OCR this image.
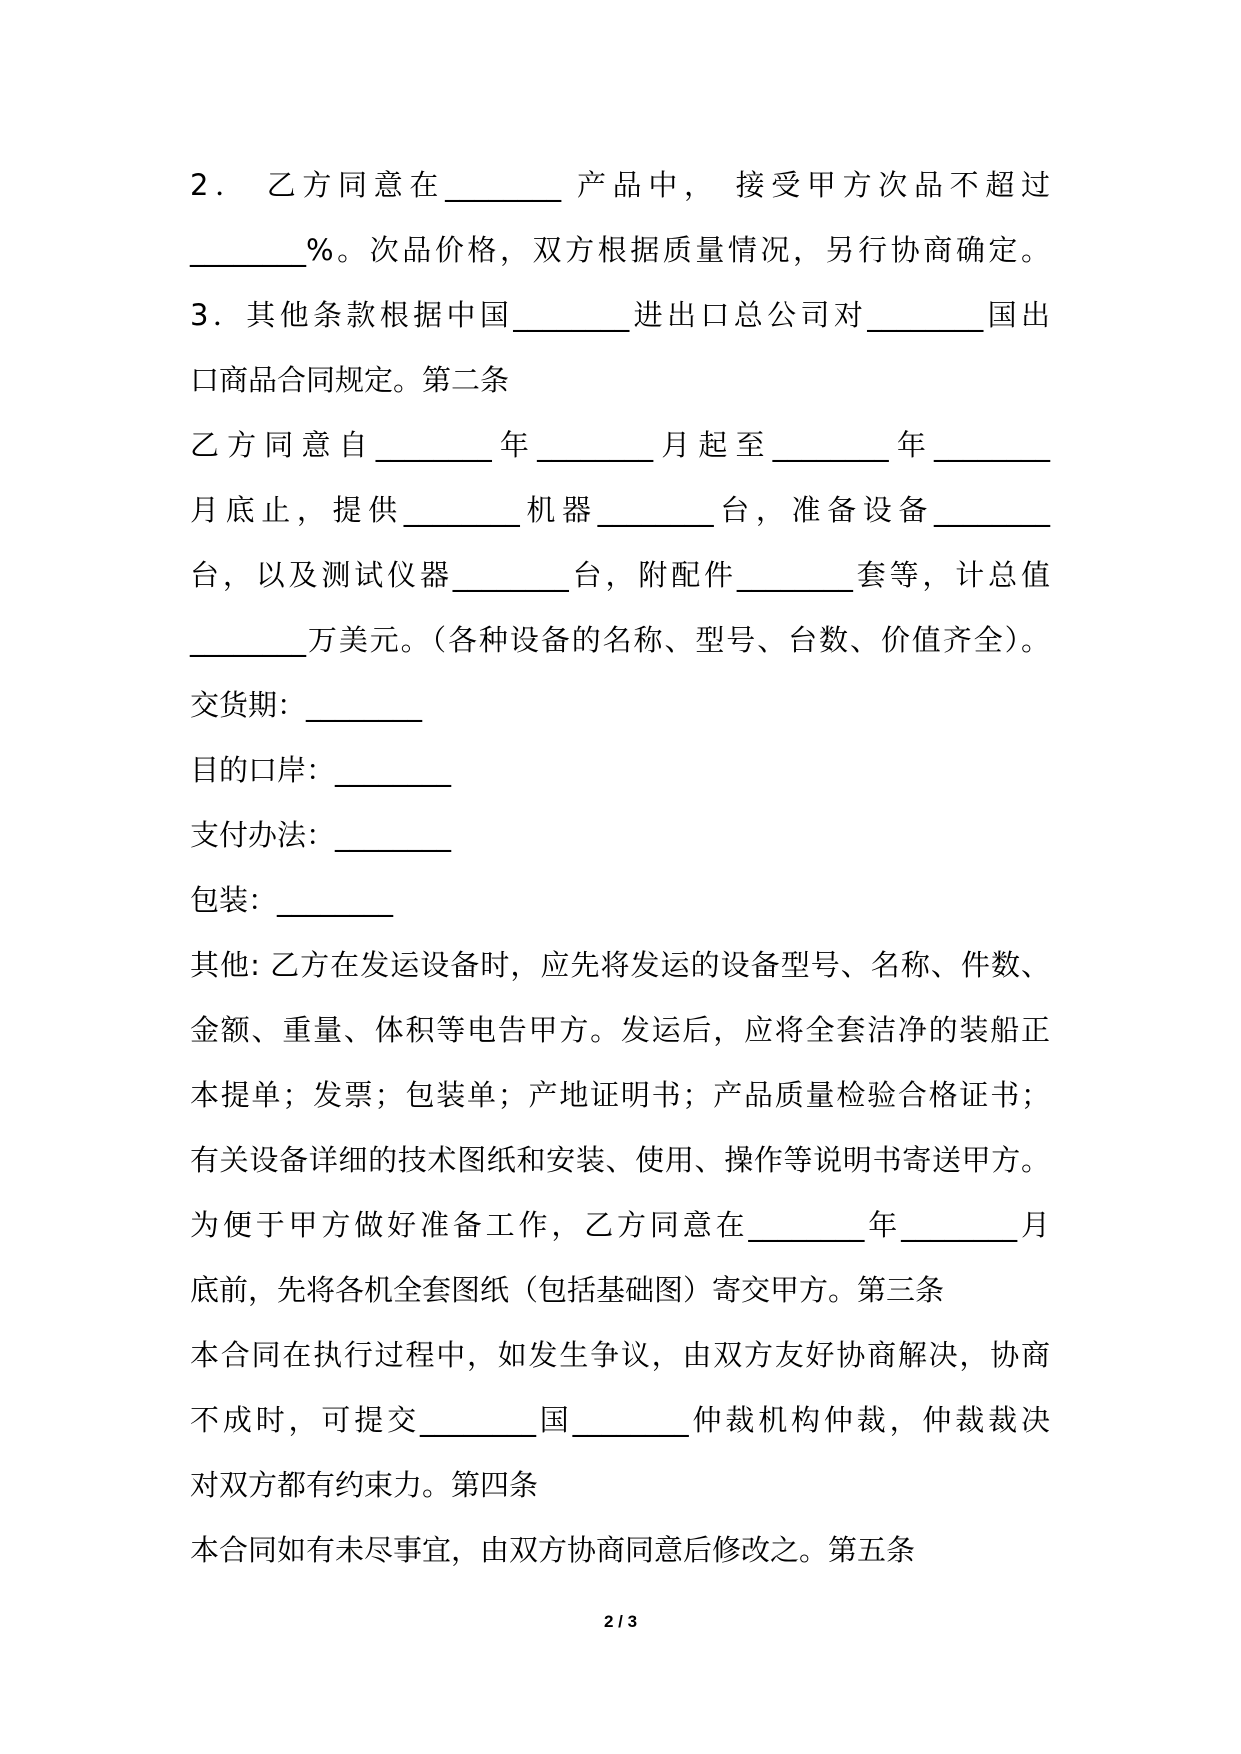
2． 乙方同意在________ 产品中， 接受甲方次品不超过
________%。次品价格，双方根据质量情况，另行协商确定。
3．其他条款根据中国________进出口总公司对________国出
口商品合同规定。第二条
乙方同意自________年________月起至________年________
月底止，提供________机器________台，准备设备________
台，以及测试仪器________台，附配件________套等，计总值
________万美元。（各种设备的名称、型号、台数、价值齐全）。
交货期：________
目的口岸：________
支付办法：________
包装：________
其他: 乙方在发运设备时，应先将发运的设备型号、名称、件数、
金额、重量、体积等电告甲方。发运后，应将全套洁净的装船正
本提单；发票；包装单；产地证明书；产品质量检验合格证书；
有关设备详细的技术图纸和安装、使用、操作等说明书寄送甲方。
为便于甲方做好准备工作，乙方同意在________年________月
底前，先将各机全套图纸（包括基础图）寄交甲方。第三条
本合同在执行过程中，如发生争议，由双方友好协商解决，协商
不成时，可提交________国________仲裁机构仲裁，仲裁裁决
对双方都有约束力。第四条
本合同如有未尽事宜，由双方协商同意后修改之。第五条
2 / 3
